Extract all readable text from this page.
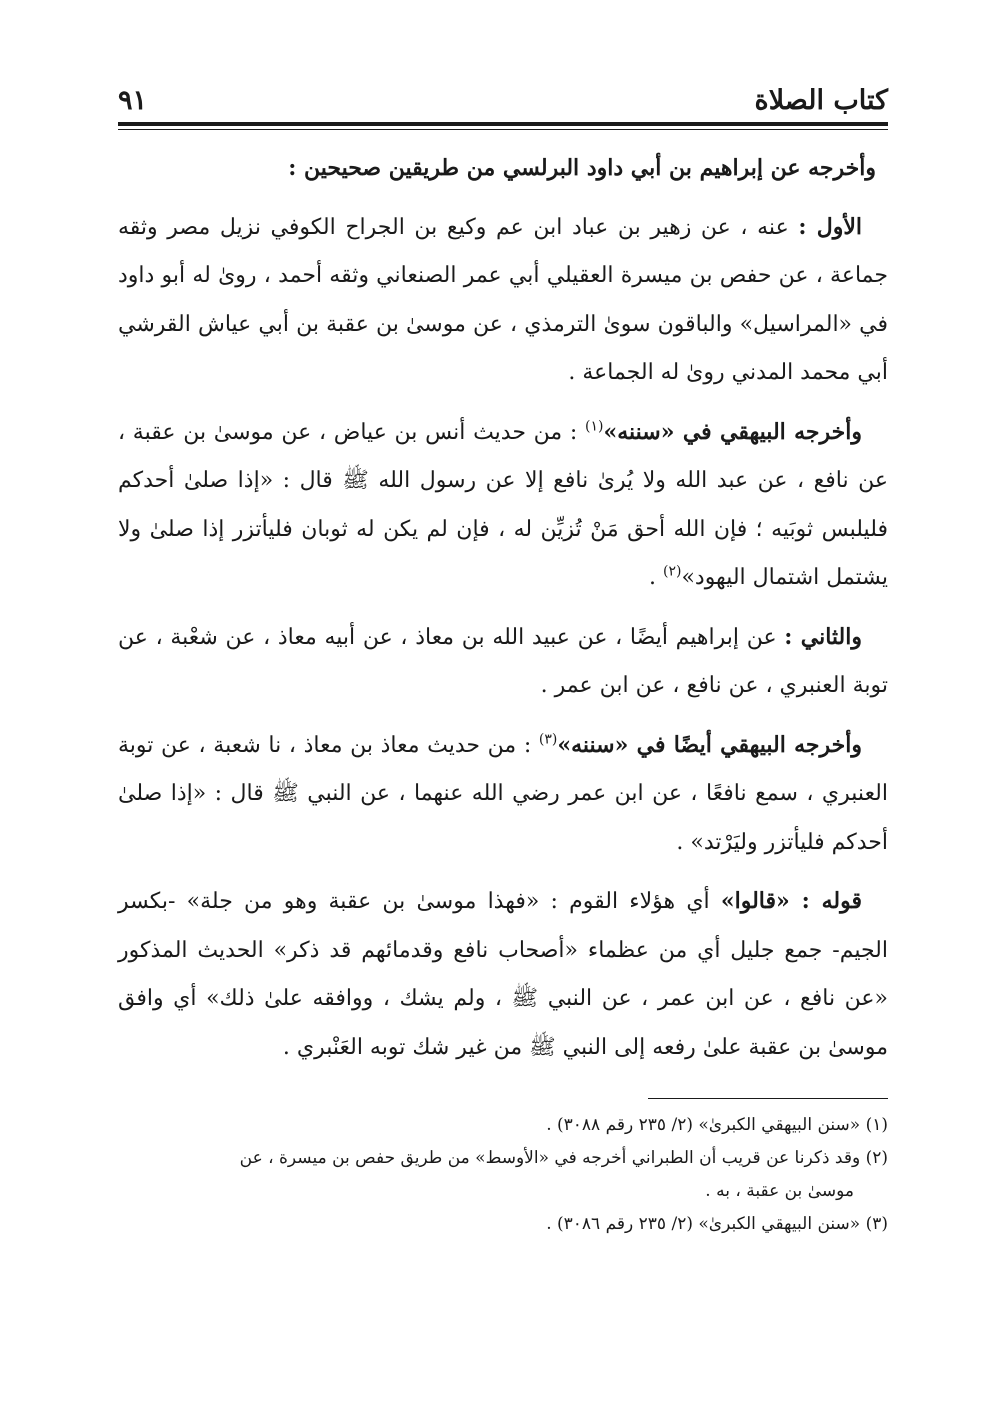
كتاب الصلاة
٩١

وأخرجه عن إبراهيم بن أبي داود البرلسي من طريقين صحيحين :

الأول : عنه ، عن زهير بن عباد ابن عم وكيع بن الجراح الكوفي نزيل مصر وثقه جماعة ، عن حفص بن ميسرة العقيلي أبي عمر الصنعاني وثقه أحمد ، روىٰ له أبو داود في «المراسيل» والباقون سوىٰ الترمذي ، عن موسىٰ بن عقبة بن أبي عياش القرشي أبي محمد المدني روىٰ له الجماعة .

وأخرجه البيهقي في «سننه»$^{(١)}$ : من حديث أنس بن عياض ، عن موسىٰ بن عقبة ، عن نافع ، عن عبد الله ولا يُرىٰ نافع إلا عن رسول الله ﷺ قال : «إذا صلىٰ أحدكم فليلبس ثوبَيه ؛ فإن الله أحق مَنْ تُزيِّن له ، فإن لم يكن له ثوبان فليأتزر إذا صلىٰ ولا يشتمل اشتمال اليهود»$^{(٢)}$ .

والثاني : عن إبراهيم أيضًا ، عن عبيد الله بن معاذ ، عن أبيه معاذ ، عن شعْبة ، عن توبة العنبري ، عن نافع ، عن ابن عمر .

وأخرجه البيهقي أيضًا في «سننه»$^{(٣)}$ : من حديث معاذ بن معاذ ، نا شعبة ، عن توبة العنبري ، سمع نافعًا ، عن ابن عمر رضي الله عنهما ، عن النبي ﷺ قال : «إذا صلىٰ أحدكم فليأتزر وليَرْتد» .

قوله : «قالوا» أي هؤلاء القوم : «فهذا موسىٰ بن عقبة وهو من جلة» -بكسر الجيم- جمع جليل أي من عظماء «أصحاب نافع وقدمائهم قد ذكر» الحديث المذكور «عن نافع ، عن ابن عمر ، عن النبي ﷺ ، ولم يشك ، ووافقه علىٰ ذلك» أي وافق موسىٰ بن عقبة علىٰ رفعه إلى النبي ﷺ من غير شك توبه العَنْبري .

(١) «سنن البيهقي الكبرىٰ» (٢/ ٢٣٥ رقم ٣٠٨٨) .

(٢) وقد ذكرنا عن قريب أن الطبراني أخرجه في «الأوسط» من طريق حفص بن ميسرة ، عن

موسىٰ بن عقبة ، به .

(٣) «سنن البيهقي الكبرىٰ» (٢/ ٢٣٥ رقم ٣٠٨٦) .
